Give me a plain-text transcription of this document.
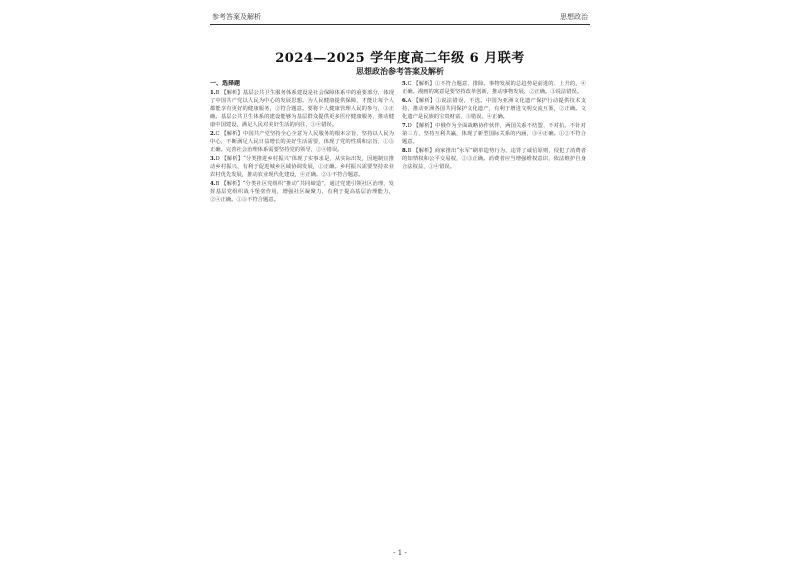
参考答案及解析	思想政治
2024—2025 学年度高二年级 6 月联考
思想政治参考答案及解析

一、选择题

1.B 【解析】基层公共卫生服务体系建设是社会保障体系中的重要部分，体现了中国共产党以人民为中心的发展思想。为人民健康提供保障，才能让每个人都能享有更好的健康服务，②符合题意。要将个人健康管理人民的参与，③正确。基层公共卫生体系的建设能够为基层群众提供更多医疗健康服务，推动健康中国建设，满足人民对美好生活的向往，①④错误。

2.C 【解析】中国共产党坚持全心全意为人民服务的根本宗旨，坚持以人民为中心，不断满足人民日益增长的美好生活需要，体现了党的性质和宗旨，①③正确。完善社会治理体系需要坚持党的领导，②④错误。

3.D 【解析】“分类推进乡村振兴”体现了实事求是，从实际出发，因地制宜推动乡村振兴，有利于促进城乡区域协调发展，①正确。乡村振兴需要坚持农业农村优先发展，推动农业现代化建设，④正确。②③不符合题意。

4.B 【解析】“分类社区党组织”推动“共同缔造”，通过党建引领社区治理，发挥基层党组织战斗堡垒作用，增强社区凝聚力，有利于提高基层治理能力，②④正确。①③不符合题意。

5.C 【解析】①不符合题意，排除。事物发展的总趋势是前进的、上升的，④正确。漫画的寓意是要坚持改革创新，推动事物发展，②正确。③说法错误。

6.A 【解析】①说法错误，不选。中国为亚洲文化遗产保护行动提供技术支持，推动亚洲各国共同保护文化遗产，有利于增进文明交流互鉴，②正确。文化遗产是民族的宝贵财富，③错误。④正确。

7.D 【解析】中俄作为全面战略协作伙伴，两国关系不结盟、不对抗、不针对第三方，坚持互利共赢，体现了新型国际关系的内涵，③④正确。①②不符合题意。

8.B 【解析】商家推出“水军”刷单造势行为，违背了诚信原则，侵犯了消费者的知情权和公平交易权，②③正确。消费者应当增强维权意识，依法维护自身合法权益，①④错误。

- 1 -
